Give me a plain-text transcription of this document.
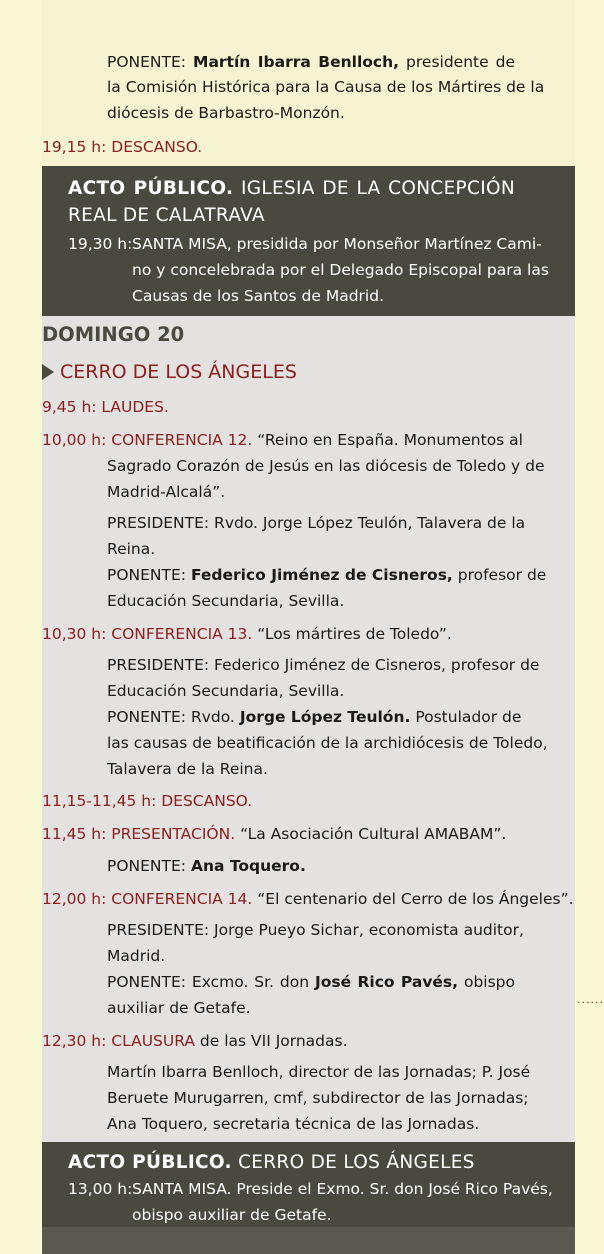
......
PONENTE: Martín Ibarra Benlloch, presidente de
la Comisión Histórica para la Causa de los Mártires de la
diócesis de Barbastro-Monzón.
19,15 h: DESCANSO.
ACTO PÚBLICO. IGLESIA DE LA CONCEPCIÓN
REAL DE CALATRAVA
19,30 h: SANTA MISA, presidida por Monseñor Martínez Cami-
no y concelebrada por el Delegado Episcopal para las
Causas de los Santos de Madrid.
DOMINGO 20
CERRO DE LOS ÁNGELES
9,45 h: LAUDES.
10,00 h: CONFERENCIA 12. “Reino en España. Monumentos al
Sagrado Corazón de Jesús en las diócesis de Toledo y de
Madrid-Alcalá”.
PRESIDENTE: Rvdo. Jorge López Teulón, Talavera de la
Reina.
PONENTE: Federico Jiménez de Cisneros, profesor de
Educación Secundaria, Sevilla.
10,30 h: CONFERENCIA 13. “Los mártires de Toledo”.
PRESIDENTE: Federico Jiménez de Cisneros, profesor de
Educación Secundaria, Sevilla.
PONENTE: Rvdo. Jorge López Teulón. Postulador de
las causas de beatificación de la archidiócesis de Toledo,
Talavera de la Reina.
11,15-11,45 h: DESCANSO.
11,45 h: PRESENTACIÓN. “La Asociación Cultural AMABAM”.
PONENTE: Ana Toquero.
12,00 h: CONFERENCIA 14. “El centenario del Cerro de los Ángeles”.
PRESIDENTE: Jorge Pueyo Sichar, economista auditor,
Madrid.
PONENTE: Excmo. Sr. don José Rico Pavés, obispo
auxiliar de Getafe.
12,30 h: CLAUSURA de las VII Jornadas.
Martín Ibarra Benlloch, director de las Jornadas; P. José
Beruete Murugarren, cmf, subdirector de las Jornadas;
Ana Toquero, secretaria técnica de las Jornadas.
ACTO PÚBLICO. CERRO DE LOS ÁNGELES
13,00 h: SANTA MISA. Preside el Exmo. Sr. don José Rico Pavés,
obispo auxiliar de Getafe.
